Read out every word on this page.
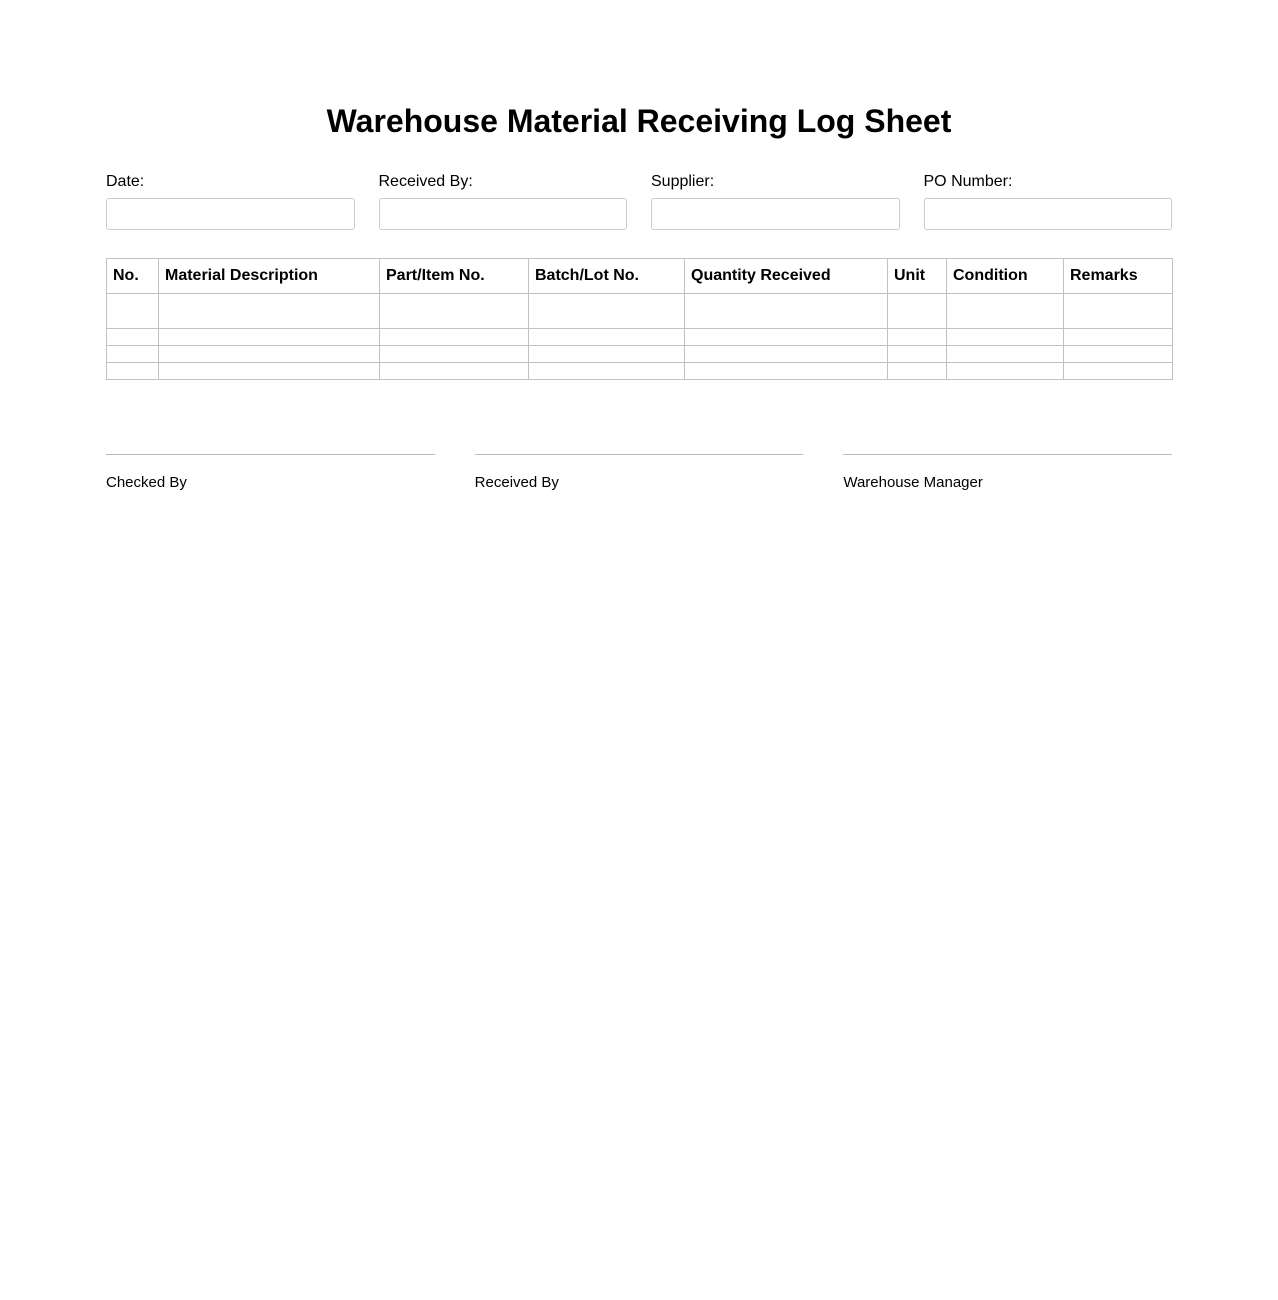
Warehouse Material Receiving Log Sheet
Date:	Received By:	Supplier:	PO Number:
No.	Material Description	Part/Item No.	Batch/Lot No.	Quantity Received	Unit	Condition	Remarks

Checked By	Received By	Warehouse Manager
